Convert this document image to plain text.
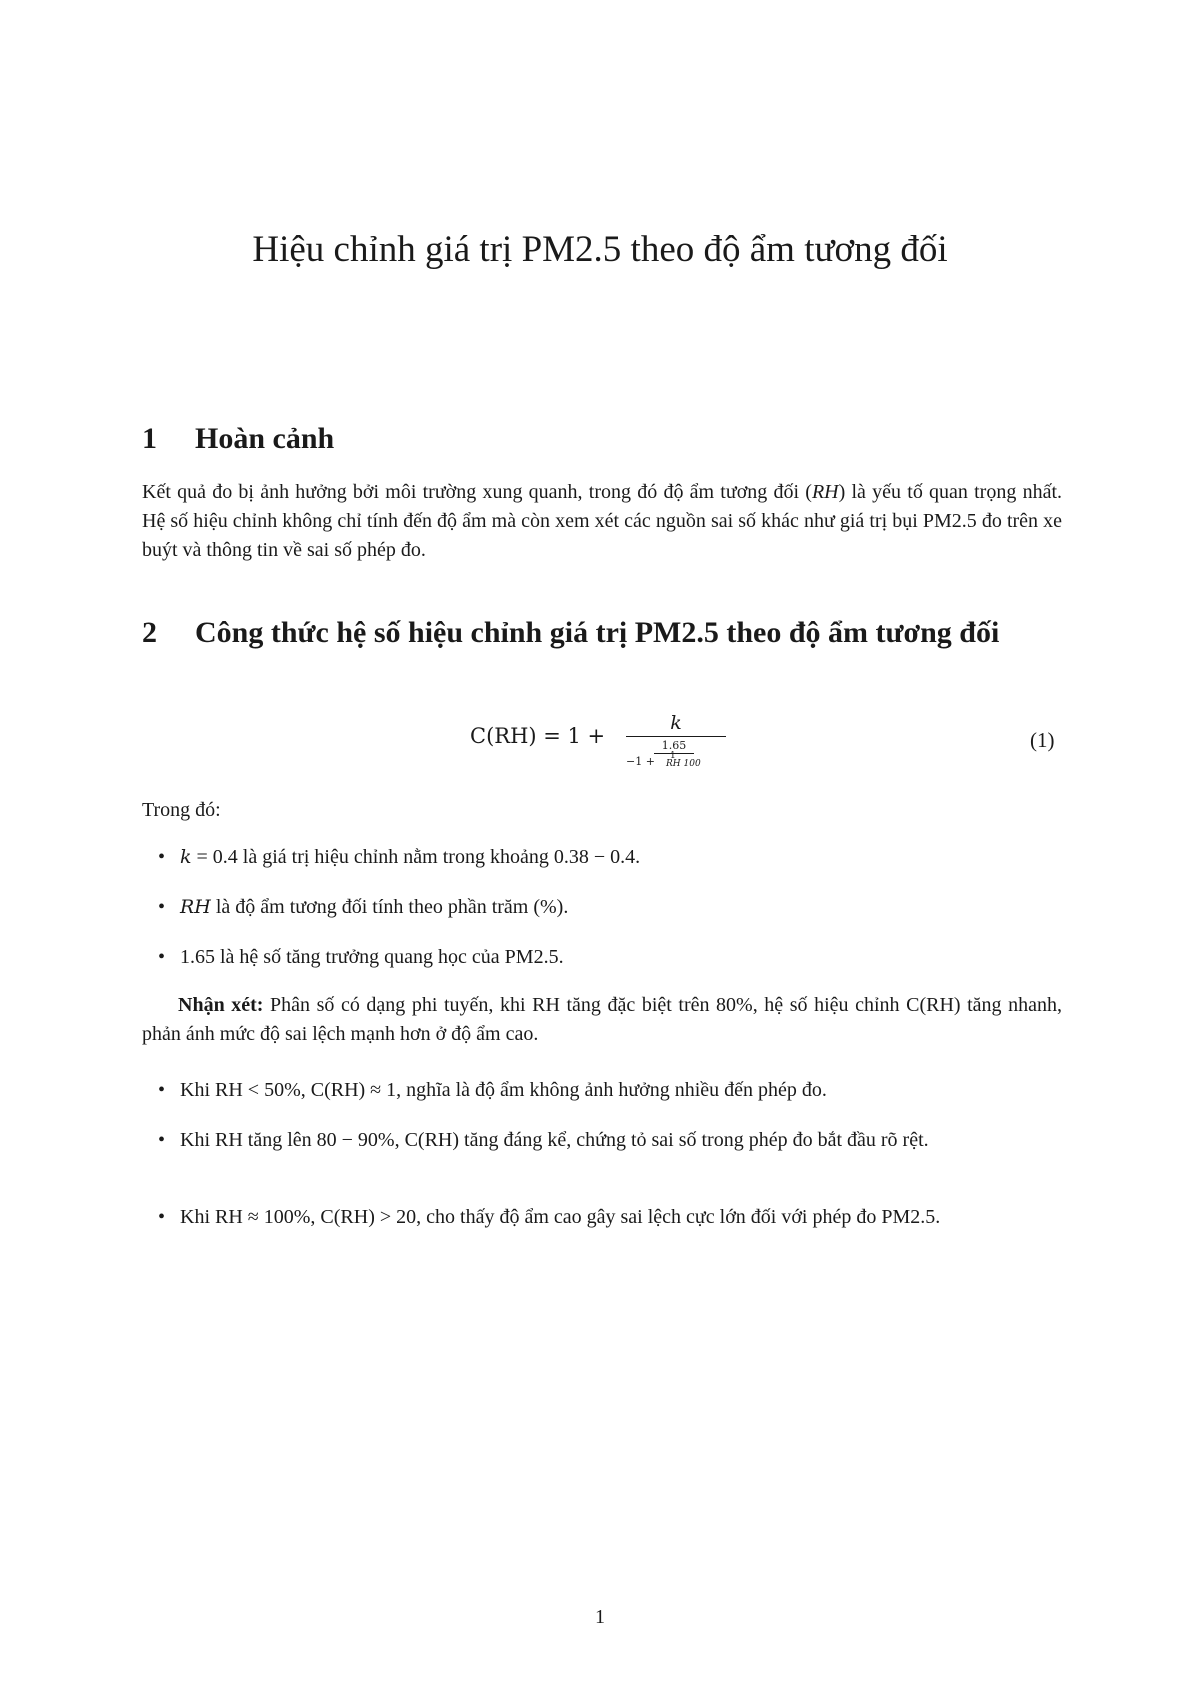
Hiệu chỉnh giá trị PM2.5 theo độ ẩm tương đối
1 Hoàn cảnh
Kết quả đo bị ảnh hưởng bởi môi trường xung quanh, trong đó độ ẩm tương đối (RH) là yếu tố quan trọng nhất. Hệ số hiệu chỉnh không chỉ tính đến độ ẩm mà còn xem xét các nguồn sai số khác như giá trị bụi PM2.5 đo trên xe buýt và thông tin về sai số phép đo.
2 Công thức hệ số hiệu chỉnh giá trị PM2.5 theo độ ẩm tương đối
C(RH) = 1 +
k
1.65
−1 + 1
RH 100
(1)
Trong đó:
• k = 0.4 là giá trị hiệu chỉnh nằm trong khoảng 0.38 − 0.4.
• RH là độ ẩm tương đối tính theo phần trăm (%).
• 1.65 là hệ số tăng trưởng quang học của PM2.5.
Nhận xét: Phân số có dạng phi tuyến, khi RH tăng đặc biệt trên 80%, hệ số hiệu chỉnh C(RH) tăng nhanh, phản ánh mức độ sai lệch mạnh hơn ở độ ẩm cao.
• Khi RH < 50%, C(RH) ≈ 1, nghĩa là độ ẩm không ảnh hưởng nhiều đến phép đo.
• Khi RH tăng lên 80 − 90%, C(RH) tăng đáng kể, chứng tỏ sai số trong phép đo bắt đầu rõ rệt.
• Khi RH ≈ 100%, C(RH) > 20, cho thấy độ ẩm cao gây sai lệch cực lớn đối với phép đo PM2.5.
1
